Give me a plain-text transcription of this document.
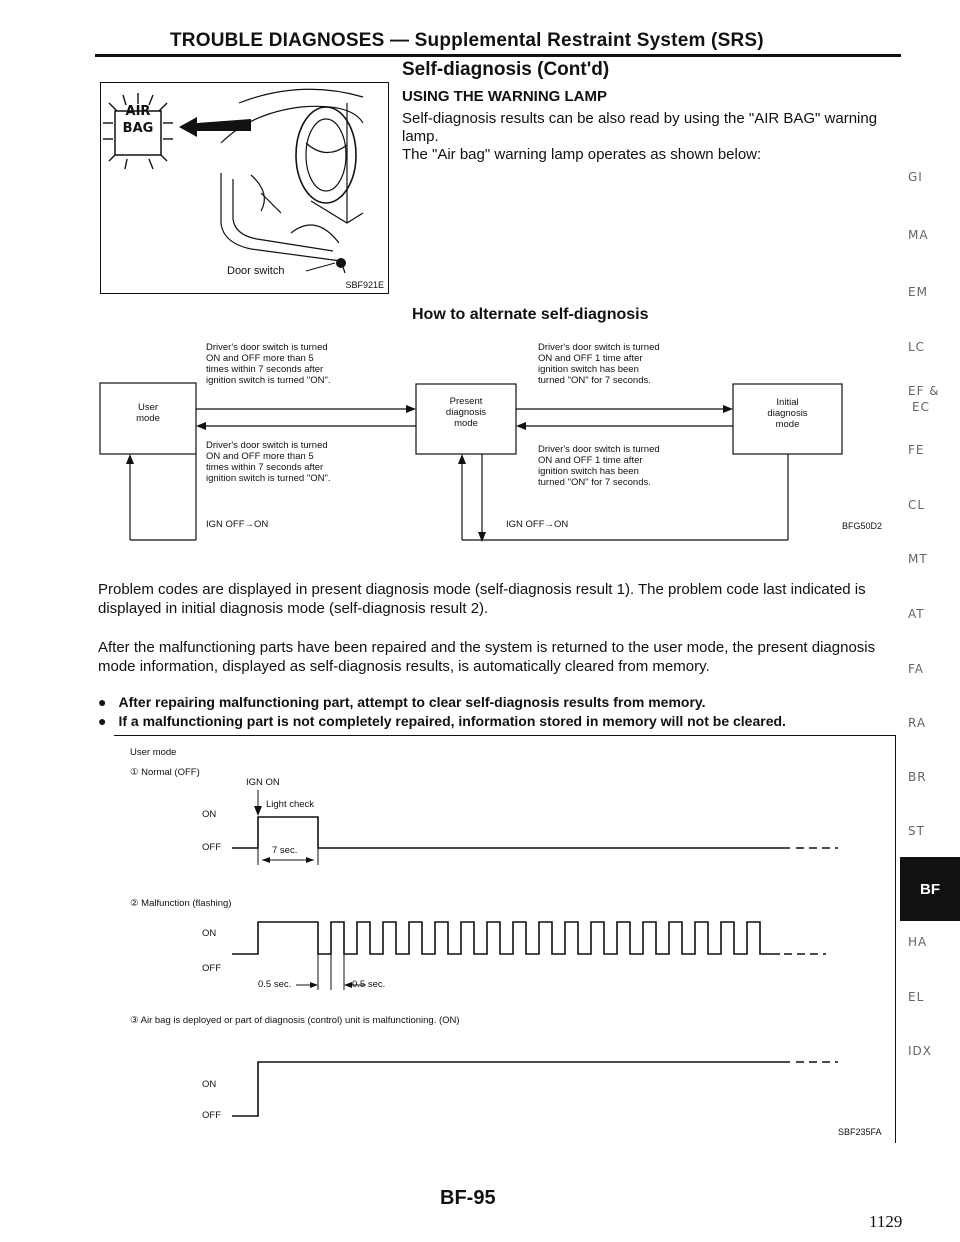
TROUBLE DIAGNOSES — Supplemental Restraint System (SRS)
Self-diagnosis (Cont'd)
USING THE WARNING LAMP
Self-diagnosis results can be also read by using the "AIR BAG" warning lamp.
The "Air bag" warning lamp operates as shown below:
AIR
BAG
Door switch
SBF921E
How to alternate self-diagnosis
User
mode
Present
diagnosis
mode
Initial
diagnosis
mode
Driver's door switch is turned
ON and OFF more than 5
times within 7 seconds after
ignition switch is turned "ON".
Driver's door switch is turned
ON and OFF more than 5
times within 7 seconds after
ignition switch is turned "ON".
Driver's door switch is turned
ON and OFF 1 time after
ignition switch has been
turned "ON" for 7 seconds.
Driver's door switch is turned
ON and OFF 1 time after
ignition switch has been
turned "ON" for 7 seconds.
IGN OFF→ON	IGN OFF→ON	BFG50D2
Problem codes are displayed in present diagnosis mode (self-diagnosis result 1). The problem code last indicated is displayed in initial diagnosis mode (self-diagnosis result 2).
After the malfunctioning parts have been repaired and the system is returned to the user mode, the present diagnosis mode information, displayed as self-diagnosis results, is automatically cleared from memory.
● After repairing malfunctioning part, attempt to clear self-diagnosis results from memory.
● If a malfunctioning part is not completely repaired, information stored in memory will not be cleared.
User mode
① Normal (OFF)
IGN ON
Light check
ON
OFF	7 sec.
② Malfunction (flashing)
ON
OFF
0.5 sec.	0.5 sec.
③ Air bag is deployed or part of diagnosis (control) unit is malfunctioning. (ON)
ON
OFF
SBF235FA
GI
MA
EM
LC
EF &
EC
FE
CL
MT
AT
FA
RA
BR
ST
BF
HA
EL
IDX
BF-95
1129
